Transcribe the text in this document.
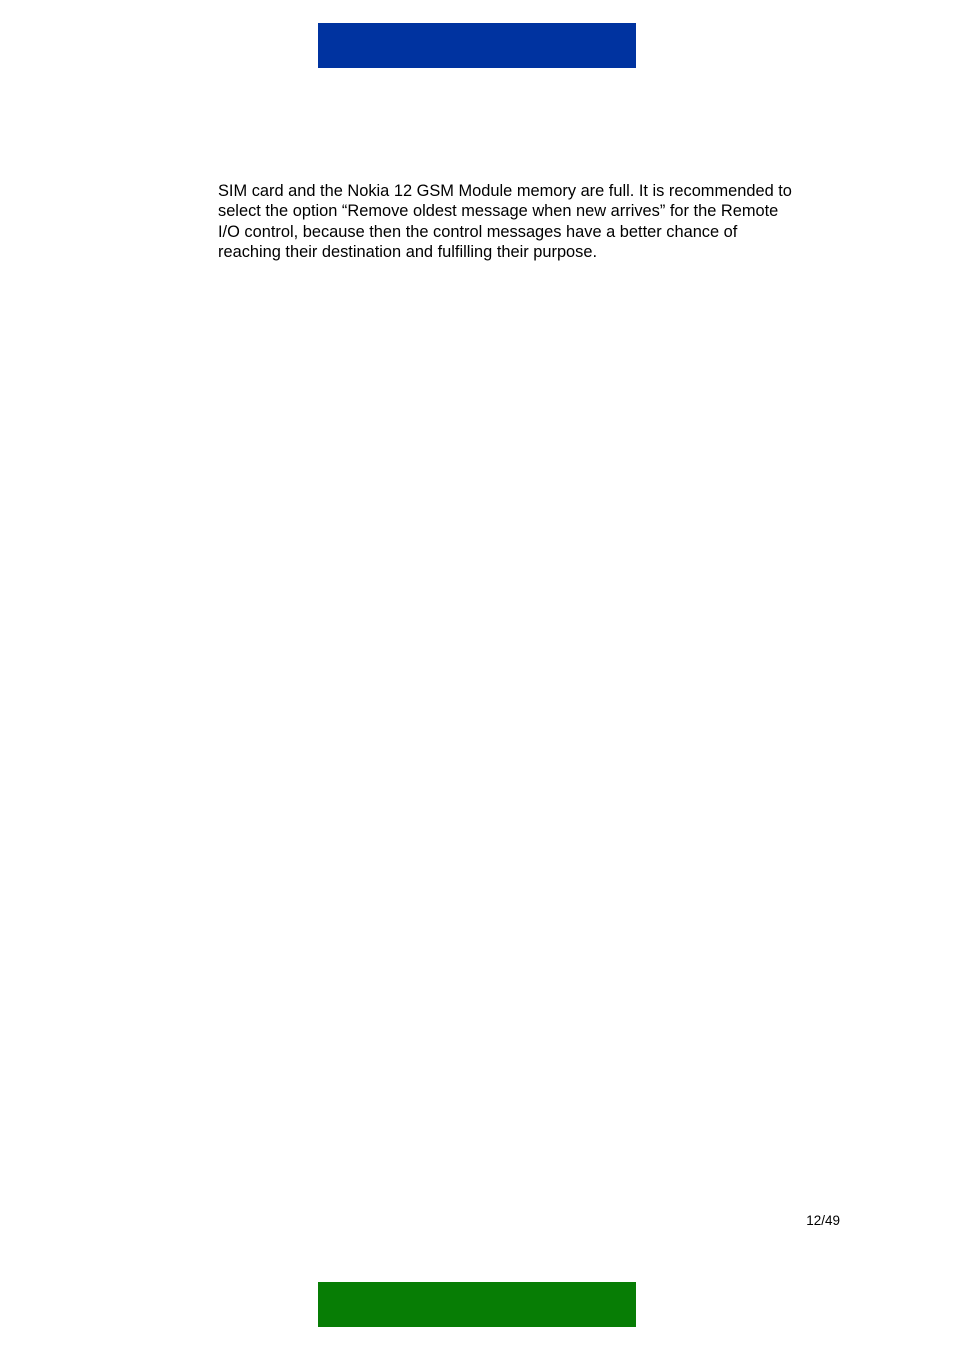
SIM card and the Nokia 12 GSM Module memory are full. It is recommended to
select the option “Remove oldest message when new arrives” for the Remote
I/O control, because then the control messages have a better chance of
reaching their destination and fulfilling their purpose.

12/49
